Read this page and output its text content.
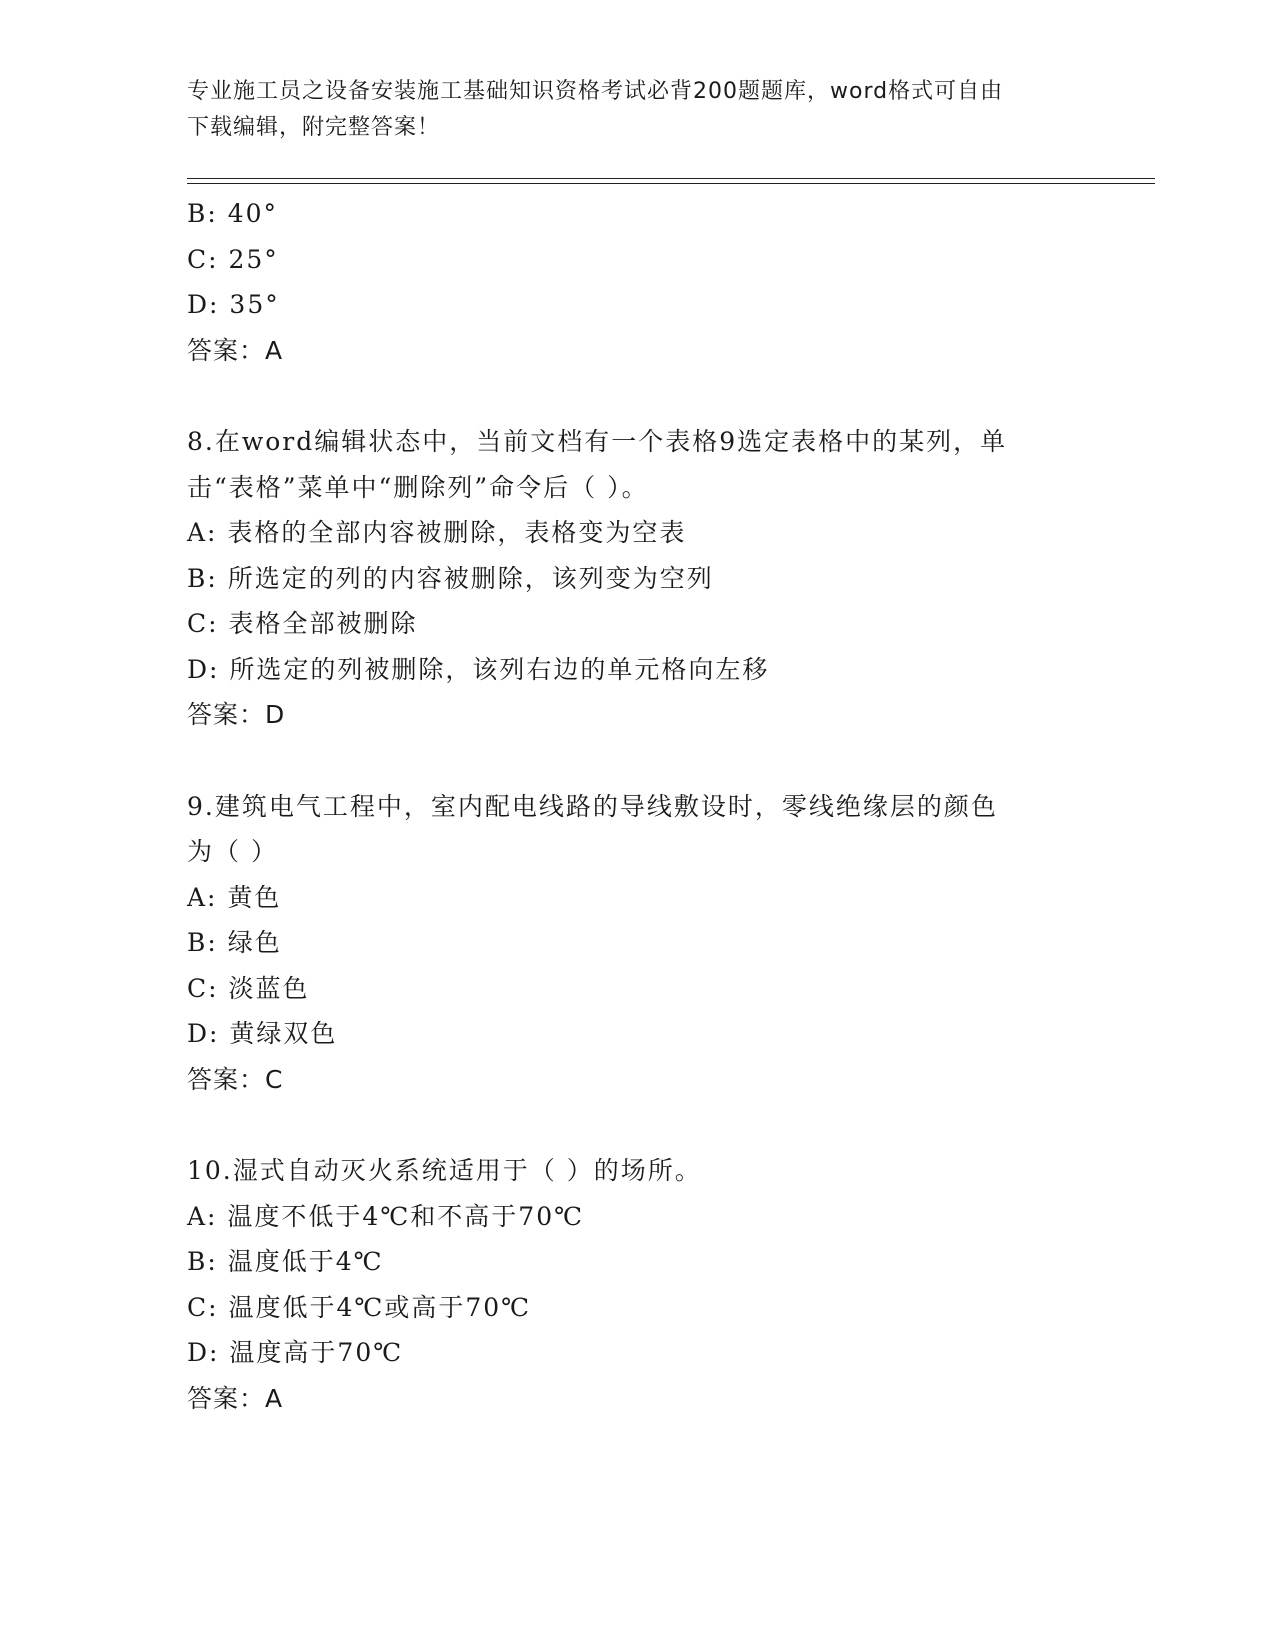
专业施工员之设备安装施工基础知识资格考试必背200题题库，word格式可自由
下载编辑，附完整答案！
B: 40°
C: 25°
D: 35°
答案：A
8.在word编辑状态中，当前文档有一个表格9选定表格中的某列，单
击“表格”菜单中“删除列”命令后（ ）。
A: 表格的全部内容被删除，表格变为空表
B: 所选定的列的内容被删除，该列变为空列
C: 表格全部被删除
D: 所选定的列被删除，该列右边的单元格向左移
答案：D
9.建筑电气工程中，室内配电线路的导线敷设时，零线绝缘层的颜色
为（ ）
A: 黄色
B: 绿色
C: 淡蓝色
D: 黄绿双色
答案：C
10.湿式自动灭火系统适用于（ ）的场所。
A: 温度不低于4℃和不高于70℃
B: 温度低于4℃
C: 温度低于4℃或高于70℃
D: 温度高于70℃
答案：A
